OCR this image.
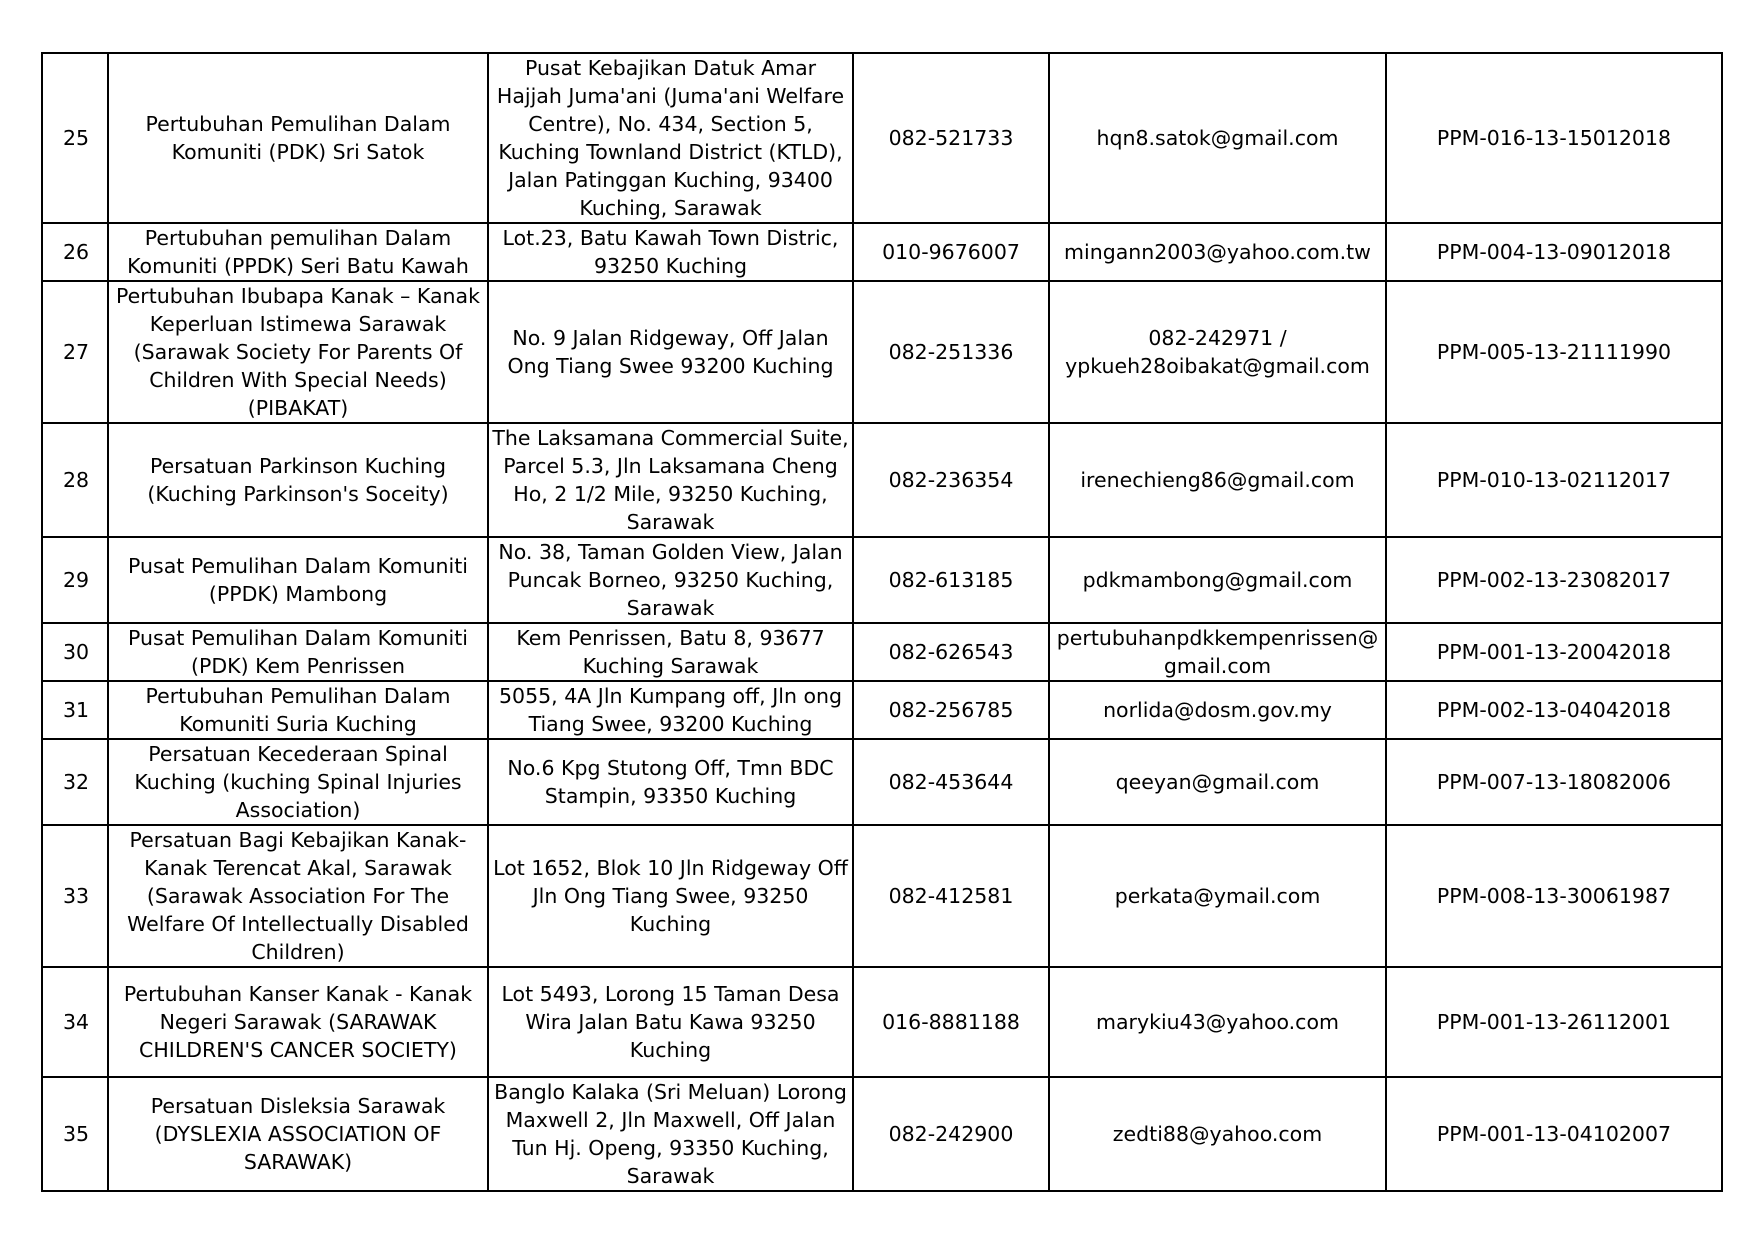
25	Pertubuhan Pemulihan Dalam Komuniti (PDK) Sri Satok	Pusat Kebajikan Datuk Amar Hajjah Juma'ani (Juma'ani Welfare Centre), No. 434, Section 5, Kuching Townland District (KTLD), Jalan Patinggan Kuching, 93400 Kuching, Sarawak	082-521733	hqn8.satok@gmail.com	PPM-016-13-15012018

26	Pertubuhan pemulihan Dalam Komuniti (PPDK) Seri Batu Kawah	Lot.23, Batu Kawah Town Distric, 93250 Kuching	010-9676007	mingann2003@yahoo.com.tw	PPM-004-13-09012018

27	Pertubuhan Ibubapa Kanak – Kanak Keperluan Istimewa Sarawak (Sarawak Society For Parents Of Children With Special Needs) (PIBAKAT)	No. 9 Jalan Ridgeway, Off Jalan Ong Tiang Swee 93200 Kuching	082-251336	082-242971 / ypkueh28oibakat@gmail.com	PPM-005-13-21111990

28	Persatuan Parkinson Kuching (Kuching Parkinson's Soceity)	The Laksamana Commercial Suite, Parcel 5.3, Jln Laksamana Cheng Ho, 2 1/2 Mile, 93250 Kuching, Sarawak	082-236354	irenechieng86@gmail.com	PPM-010-13-02112017

29	Pusat Pemulihan Dalam Komuniti (PPDK) Mambong	No. 38, Taman Golden View, Jalan Puncak Borneo, 93250 Kuching, Sarawak	082-613185	pdkmambong@gmail.com	PPM-002-13-23082017

30	Pusat Pemulihan Dalam Komuniti (PDK) Kem Penrissen	Kem Penrissen, Batu 8, 93677 Kuching Sarawak	082-626543	pertubuhanpdkkempenrissen@gmail.com	PPM-001-13-20042018

31	Pertubuhan Pemulihan Dalam Komuniti Suria Kuching	5055, 4A Jln Kumpang off, Jln ong Tiang Swee, 93200 Kuching	082-256785	norlida@dosm.gov.my	PPM-002-13-04042018

32	Persatuan Kecederaan Spinal Kuching (kuching Spinal Injuries Association)	No.6 Kpg Stutong Off, Tmn BDC Stampin, 93350 Kuching	082-453644	qeeyan@gmail.com	PPM-007-13-18082006

33	Persatuan Bagi Kebajikan Kanak-Kanak Terencat Akal, Sarawak (Sarawak Association For The Welfare Of Intellectually Disabled Children)	Lot 1652, Blok 10 Jln Ridgeway Off Jln Ong Tiang Swee, 93250 Kuching	082-412581	perkata@ymail.com	PPM-008-13-30061987

34	Pertubuhan Kanser Kanak - Kanak Negeri Sarawak (SARAWAK CHILDREN'S CANCER SOCIETY)	Lot 5493, Lorong 15 Taman Desa Wira Jalan Batu Kawa 93250 Kuching	016-8881188	marykiu43@yahoo.com	PPM-001-13-26112001

35	Persatuan Disleksia Sarawak (DYSLEXIA ASSOCIATION OF SARAWAK)	Banglo Kalaka (Sri Meluan) Lorong Maxwell 2, Jln Maxwell, Off Jalan Tun Hj. Openg, 93350 Kuching, Sarawak	082-242900	zedti88@yahoo.com	PPM-001-13-04102007
